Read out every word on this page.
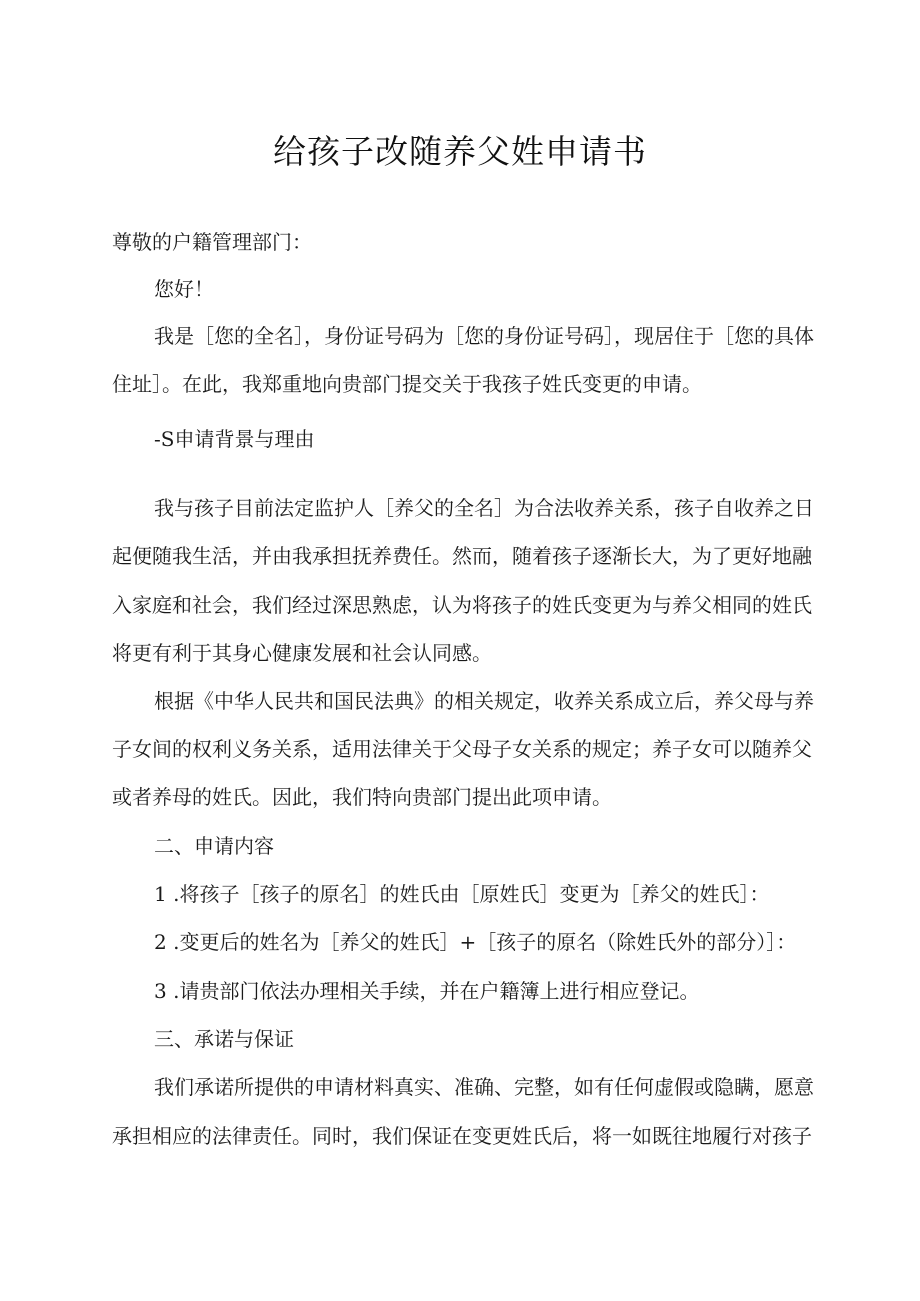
给孩子改随养父姓申请书

尊敬的户籍管理部门：

您好！

我是［您的全名］，身份证号码为［您的身份证号码］，现居住于［您的具体

住址］。在此，我郑重地向贵部门提交关于我孩子姓氏变更的申请。

-S申请背景与理由

我与孩子目前法定监护人［养父的全名］为合法收养关系，孩子自收养之日

起便随我生活，并由我承担抚养费任。然而，随着孩子逐渐长大，为了更好地融

入家庭和社会，我们经过深思熟虑，认为将孩子的姓氏变更为与养父相同的姓氏

将更有利于其身心健康发展和社会认同感。

根据《中华人民共和国民法典》的相关规定，收养关系成立后，养父母与养

子女间的权利义务关系，适用法律关于父母子女关系的规定；养子女可以随养父

或者养母的姓氏。因此，我们特向贵部门提出此项申请。

二、申请内容

1 .将孩子［孩子的原名］的姓氏由［原姓氏］变更为［养父的姓氏］：

2 .变更后的姓名为［养父的姓氏］+［孩子的原名（除姓氏外的部分）］：

3 .请贵部门依法办理相关手续，并在户籍簿上进行相应登记。

三、承诺与保证

我们承诺所提供的申请材料真实、准确、完整，如有任何虚假或隐瞒，愿意

承担相应的法律责任。同时，我们保证在变更姓氏后，将一如既往地履行对孩子
